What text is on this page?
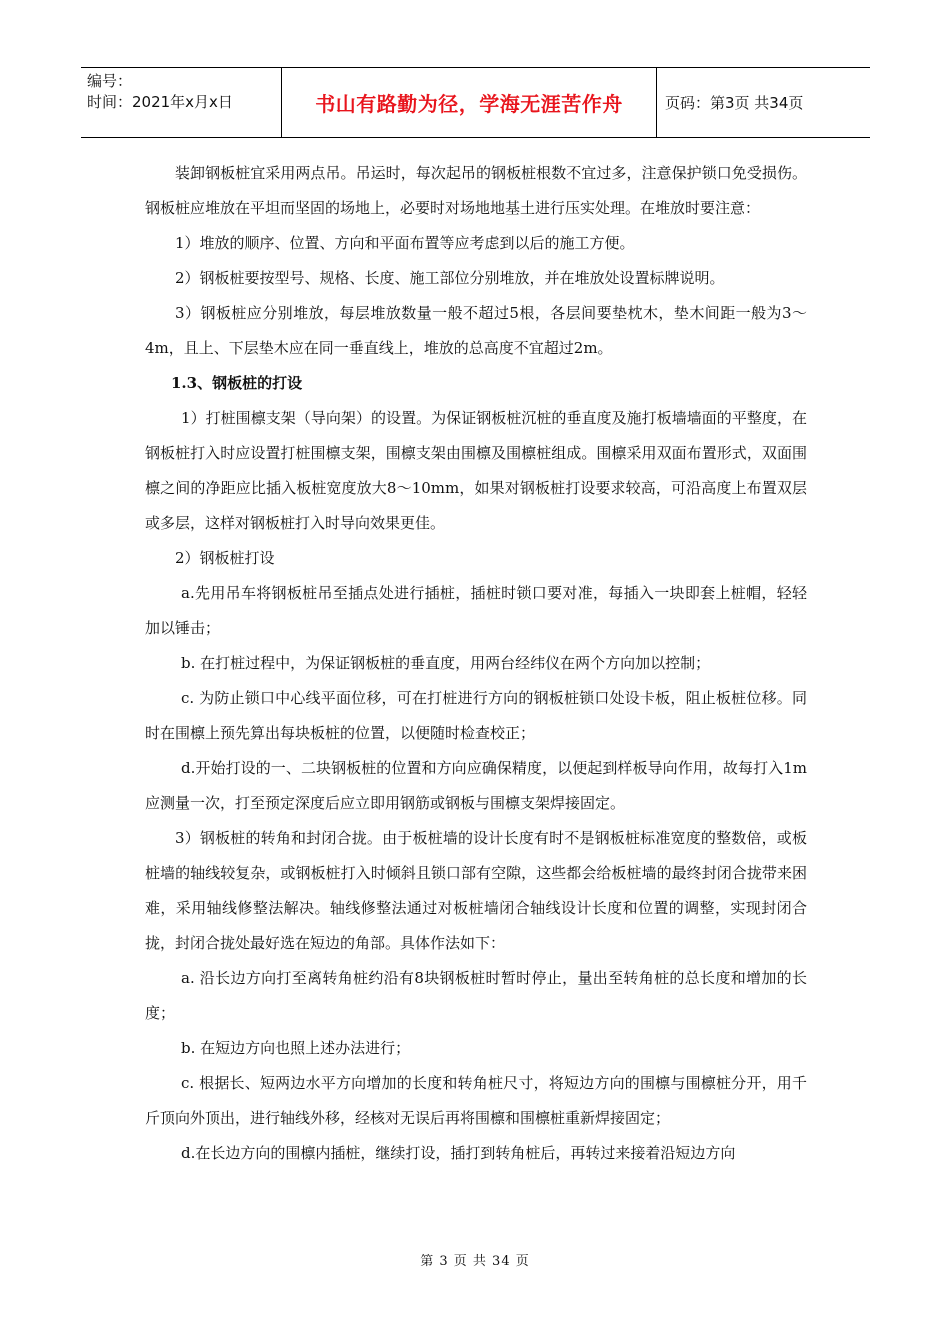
编号：
时间：2021年x月x日	书山有路勤为径，学海无涯苦作舟	页码：第3页 共34页

装卸钢板桩宜采用两点吊。吊运时，每次起吊的钢板桩根数不宜过多，注意保护锁口免受损伤。钢板桩应堆放在平坦而坚固的场地上，必要时对场地地基土进行压实处理。在堆放时要注意：

1）堆放的顺序、位置、方向和平面布置等应考虑到以后的施工方便。

2）钢板桩要按型号、规格、长度、施工部位分别堆放，并在堆放处设置标牌说明。

3）钢板桩应分别堆放，每层堆放数量一般不超过5根，各层间要垫枕木，垫木间距一般为3～4m，且上、下层垫木应在同一垂直线上，堆放的总高度不宜超过2m。

1.3、钢板桩的打设

1）打桩围檩支架（导向架）的设置。为保证钢板桩沉桩的垂直度及施打板墙墙面的平整度，在钢板桩打入时应设置打桩围檩支架，围檩支架由围檩及围檩桩组成。围檩采用双面布置形式，双面围檩之间的净距应比插入板桩宽度放大8～10mm，如果对钢板桩打设要求较高，可沿高度上布置双层或多层，这样对钢板桩打入时导向效果更佳。

2）钢板桩打设

a.先用吊车将钢板桩吊至插点处进行插桩，插桩时锁口要对准，每插入一块即套上桩帽，轻轻加以锤击；

b. 在打桩过程中，为保证钢板桩的垂直度，用两台经纬仪在两个方向加以控制；

c. 为防止锁口中心线平面位移，可在打桩进行方向的钢板桩锁口处设卡板，阻止板桩位移。同时在围檩上预先算出每块板桩的位置，以便随时检查校正；

d.开始打设的一、二块钢板桩的位置和方向应确保精度，以便起到样板导向作用，故每打入1m应测量一次，打至预定深度后应立即用钢筋或钢板与围檩支架焊接固定。

3）钢板桩的转角和封闭合拢。由于板桩墙的设计长度有时不是钢板桩标准宽度的整数倍，或板桩墙的轴线较复杂，或钢板桩打入时倾斜且锁口部有空隙，这些都会给板桩墙的最终封闭合拢带来困难，采用轴线修整法解决。轴线修整法通过对板桩墙闭合轴线设计长度和位置的调整，实现封闭合拢，封闭合拢处最好选在短边的角部。具体作法如下：

a. 沿长边方向打至离转角桩约沿有8块钢板桩时暂时停止，量出至转角桩的总长度和增加的长度；

b. 在短边方向也照上述办法进行；

c. 根据长、短两边水平方向增加的长度和转角桩尺寸，将短边方向的围檩与围檩桩分开，用千斤顶向外顶出，进行轴线外移，经核对无误后再将围檩和围檩桩重新焊接固定；

d.在长边方向的围檩内插桩，继续打设，插打到转角桩后，再转过来接着沿短边方向

第 3 页 共 34 页
